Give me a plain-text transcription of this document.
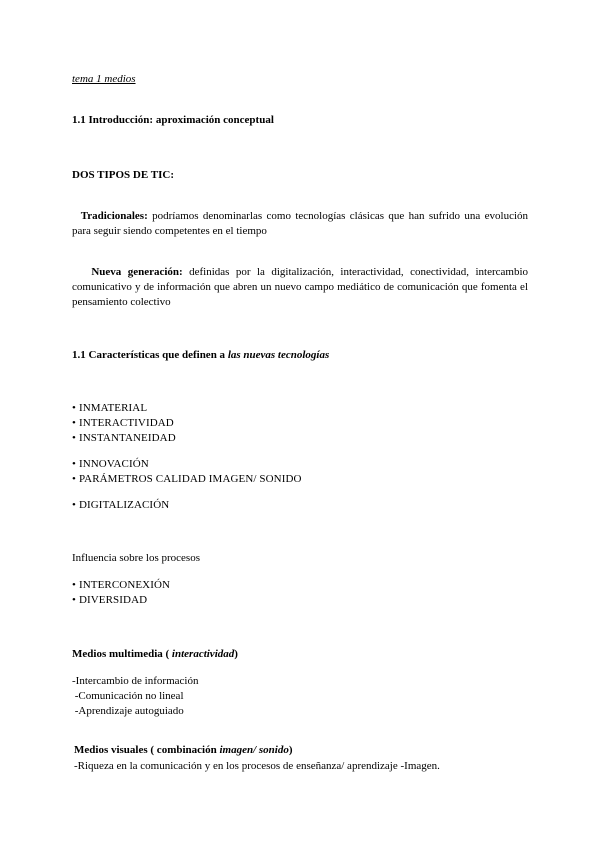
tema 1 medios

1.1 Introducción: aproximación conceptual

DOS TIPOS DE TIC:

Tradicionales: podríamos denominarlas como tecnologías clásicas que han sufrido una evolución para seguir siendo competentes en el tiempo

Nueva generación: definidas por la digitalización, interactividad, conectividad, intercambio comunicativo y de información que abren un nuevo campo mediático de comunicación que fomenta el pensamiento colectivo

1.1 Características que definen a las nuevas tecnologías

• INMATERIAL
• INTERACTIVIDAD
• INSTANTANEIDAD
• INNOVACIÓN
• PARÁMETROS CALIDAD IMAGEN/ SONIDO
• DIGITALIZACIÓN

Influencia sobre los procesos

• INTERCONEXIÓN
• DIVERSIDAD

Medios multimedia ( interactividad)

-Intercambio de información

-Comunicación no lineal

-Aprendizaje autoguiado

Medios visuales ( combinación imagen/ sonido)

-Riqueza en la comunicación y en los procesos de enseñanza/ aprendizaje -Imagen.
